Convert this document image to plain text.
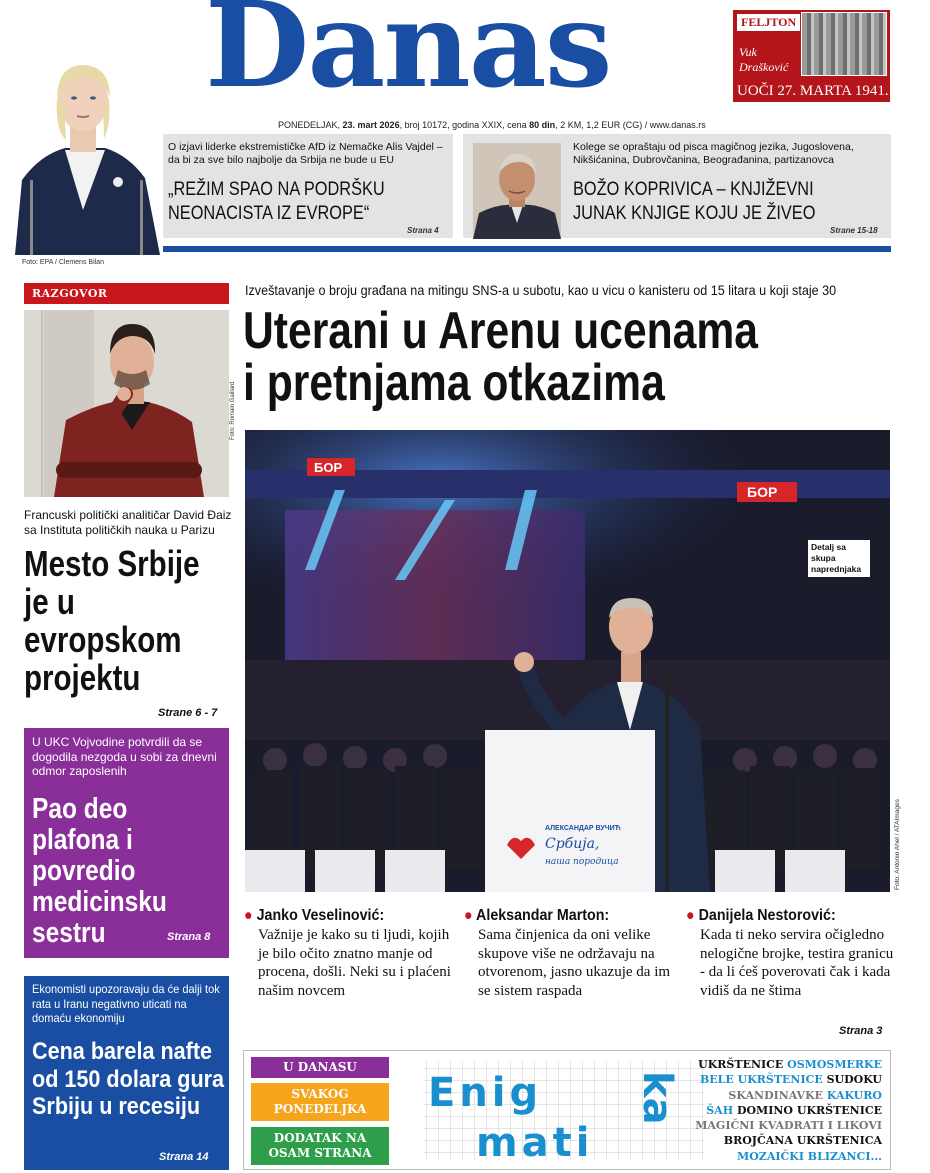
Danas	FELJTON
Vuk
Drašković
UOČI 27. MARTA 1941. Str. 29
PONEDELJAK, 23. mart 2026, broj 10172, godina XXIX, cena 80 din, 2 KM, 1,2 EUR (CG) / www.danas.rs
Foto: EPA / Clemens Bilan
O izjavi liderke ekstremističke AfD iz Nemačke Alis Vajdel – da bi za sve bilo najbolje da Srbija ne bude u EU
„REŽIM SPAO NA PODRŠKU
NEONACISTA IZ EVROPE“
Strana 4
Kolege se opraštaju od pisca magičnog jezika, Jugoslovena, Nikšićanina, Dubrovčanina, Beograđanina, partizanovca
BOŽO KOPRIVICA – KNJIŽEVNI
JUNAK KNJIGE KOJU JE ŽIVEO
Strane 15-18
RAZGOVOR
Foto: Romain Gaillard
Francuski politički analitičar David Đaiz sa Instituta političkih nauka u Parizu
Mesto Srbije je u evropskom projektu
Strane 6 - 7
U UKC Vojvodine potvrdili da se dogodila nezgoda u sobi za dnevni odmor zaposlenih
Pao deo plafona i povredio medicinsku sestru	Strana 8
Ekonomisti upozoravaju da će dalji tok rata u Iranu negativno uticati na domaću ekonomiju
Cena barela nafte od 150 dolara gura Srbiju u recesiju
Strana 14
Izveštavanje o broju građana na mitingu SNS-a u subotu, kao u vicu o kanisteru od 15 litara u koji staje 30
Uterani u Arenu ucenama
i pretnjama otkazima
БОР
БОР
АЛЕКСАНДАР ВУЧИЋ
Србија,
наша породица
Detalj sa skupa naprednjaka
Foto: Antonio Ahel / ATAImages
● Janko Veselinović:
Važnije je kako su ti ljudi, kojih je bilo očito znatno manje od procena, došli. Neki su i plaćeni našim novcem
● Aleksandar Marton:
Sama činjenica da oni velike skupove više ne održavaju na otvorenom, jasno ukazuje da im se sistem raspada
● Danijela Nestorović:
Kada ti neko servira očigledno nelogične brojke, testira granicu - da li ćeš poverovati čak i kada vidiš da ne štima
Strana 3
U DANASU
SVAKOG
PONEDELJKA
DODATAK NA
OSAM STRANA
Enig
mati
ka
UKRŠTENICE OSMOSMERKE
BELE UKRŠTENICE SUDOKU
SKANDINAVKE KAKURO
ŠAH DOMINO UKRŠTENICE
MAGIČNI KVADRATI I LIKOVI
BROJČANA UKRŠTENICA
MOZAIČKI BLIZANCI...
